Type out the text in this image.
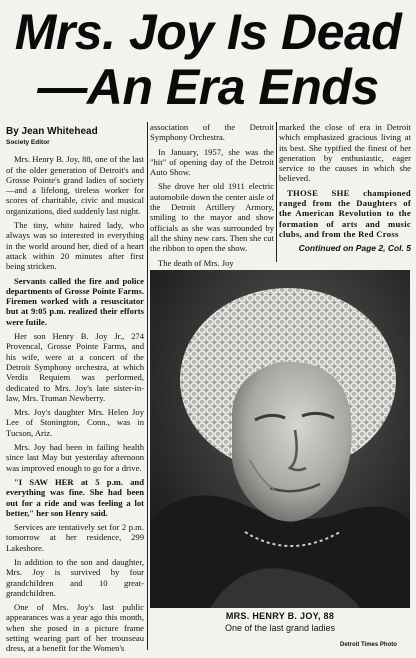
Mrs. Joy Is Dead
—An Era Ends
By Jean Whitehead
Society Editor

Mrs. Henry B. Joy, 88, one of the last of the older generation of Detroit's and Grosse Pointe's grand ladies of society—and a lifelong, tireless worker for scores of charitable, civic and musical organizations, died suddenly last night.

The tiny, white haired lady, who always was so interested in everything in the world around her, died of a heart attack within 20 minutes after first being stricken.

Servants called the fire and police departments of Grosse Pointe Farms. Firemen worked with a resuscitator but at 9:05 p.m. realized their efforts were futile.

Her son Henry B. Joy Jr., 274 Provencal, Grosse Pointe Farms, and his wife, were at a concert of the Detroit Symphony orchestra, at which Verdis Requiem was performed, dedicated to Mrs. Joy's late sister-in-law, Mrs. Truman Newberry.

Mrs. Joy's daughter Mrs. Helen Joy Lee of Stonington, Conn., was in Tucson, Ariz.

Mrs. Joy had been in failing health since last May but yesterday afternoon was improved enough to go for a drive.

"I SAW HER at 5 p.m. and everything was fine. She had been out for a ride and was feeling a lot better," her son Henry said.

Services are tentatively set for 2 p.m. tomorrow at her residence, 299 Lakeshore.

In addition to the son and daughter, Mrs. Joy is survived by four grandchildren and 10 great-grandchildren.

One of Mrs. Joy's last public appearances was a year ago this month, when she posed in a picture frame setting wearing part of her trousseau dress, at a benefit for the Women's

association of the Detroit Symphony Orchestra.

In January, 1957, she was the "hit" of opening day of the Detroit Auto Show.

She drove her old 1911 electric automobile down the center aisle of the Detroit Artillery Armory, smiling to the mayor and show officials as she was surrounded by all the shiny new cars. Then she cut the ribbon to open the show.

The death of Mrs. Joy

marked the close of era in Detroit which emphasized gracious living at its best. She typified the finest of her generation by enthusiastic, eager service to the causes in which she believed.

THOSE SHE championed ranged from the Daughters of the American Revolution to the formation of arts and music clubs, and from the Red Cross

Continued on Page 2, Col. 5
MRS. HENRY B. JOY, 88
One of the last grand ladies
Detroit Times Photo
